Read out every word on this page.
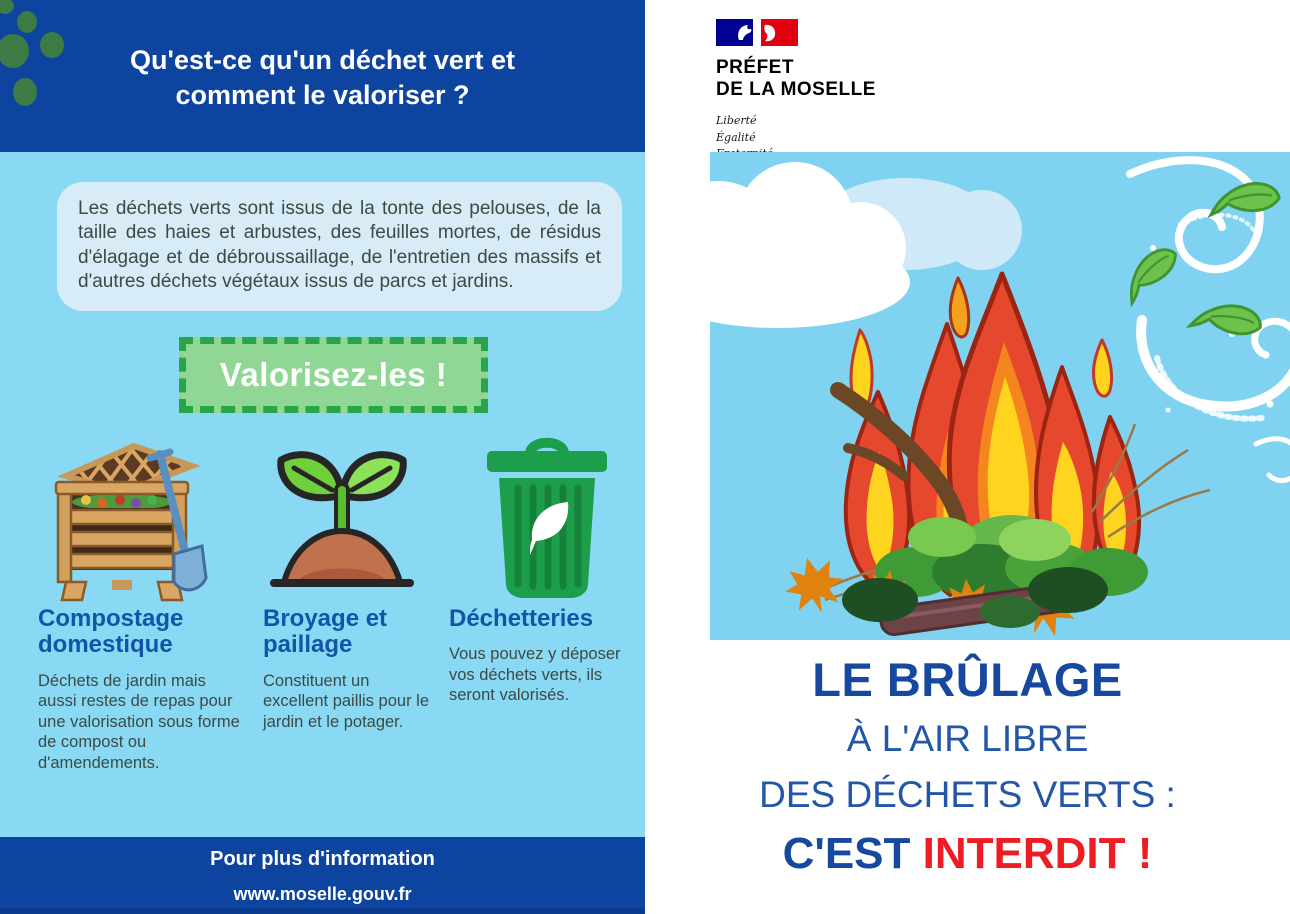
Qu'est-ce qu'un déchet vert et comment le valoriser ?

Les déchets verts sont issus de la tonte des pelouses, de la taille des haies et arbustes, des feuilles mortes, de résidus d'élagage et de débroussaillage, de l'entretien des massifs et d'autres déchets végétaux issus de parcs et jardins.

Valorisez-les !
Compostage domestique

Déchets de jardin mais aussi restes de repas pour une valorisation sous forme de compost ou d'amendements.

Broyage et paillage

Constituent un excellent paillis pour le jardin et le potager.

Déchetteries

Vous pouvez y déposer vos déchets verts, ils seront valorisés.

Pour plus d'information
www.moselle.gouv.fr
PRÉFET
DE LA MOSELLE
Liberté
Égalité
LE BRÛLAGE
À L'AIR LIBRE
DES DÉCHETS VERTS :
C'EST INTERDIT !
